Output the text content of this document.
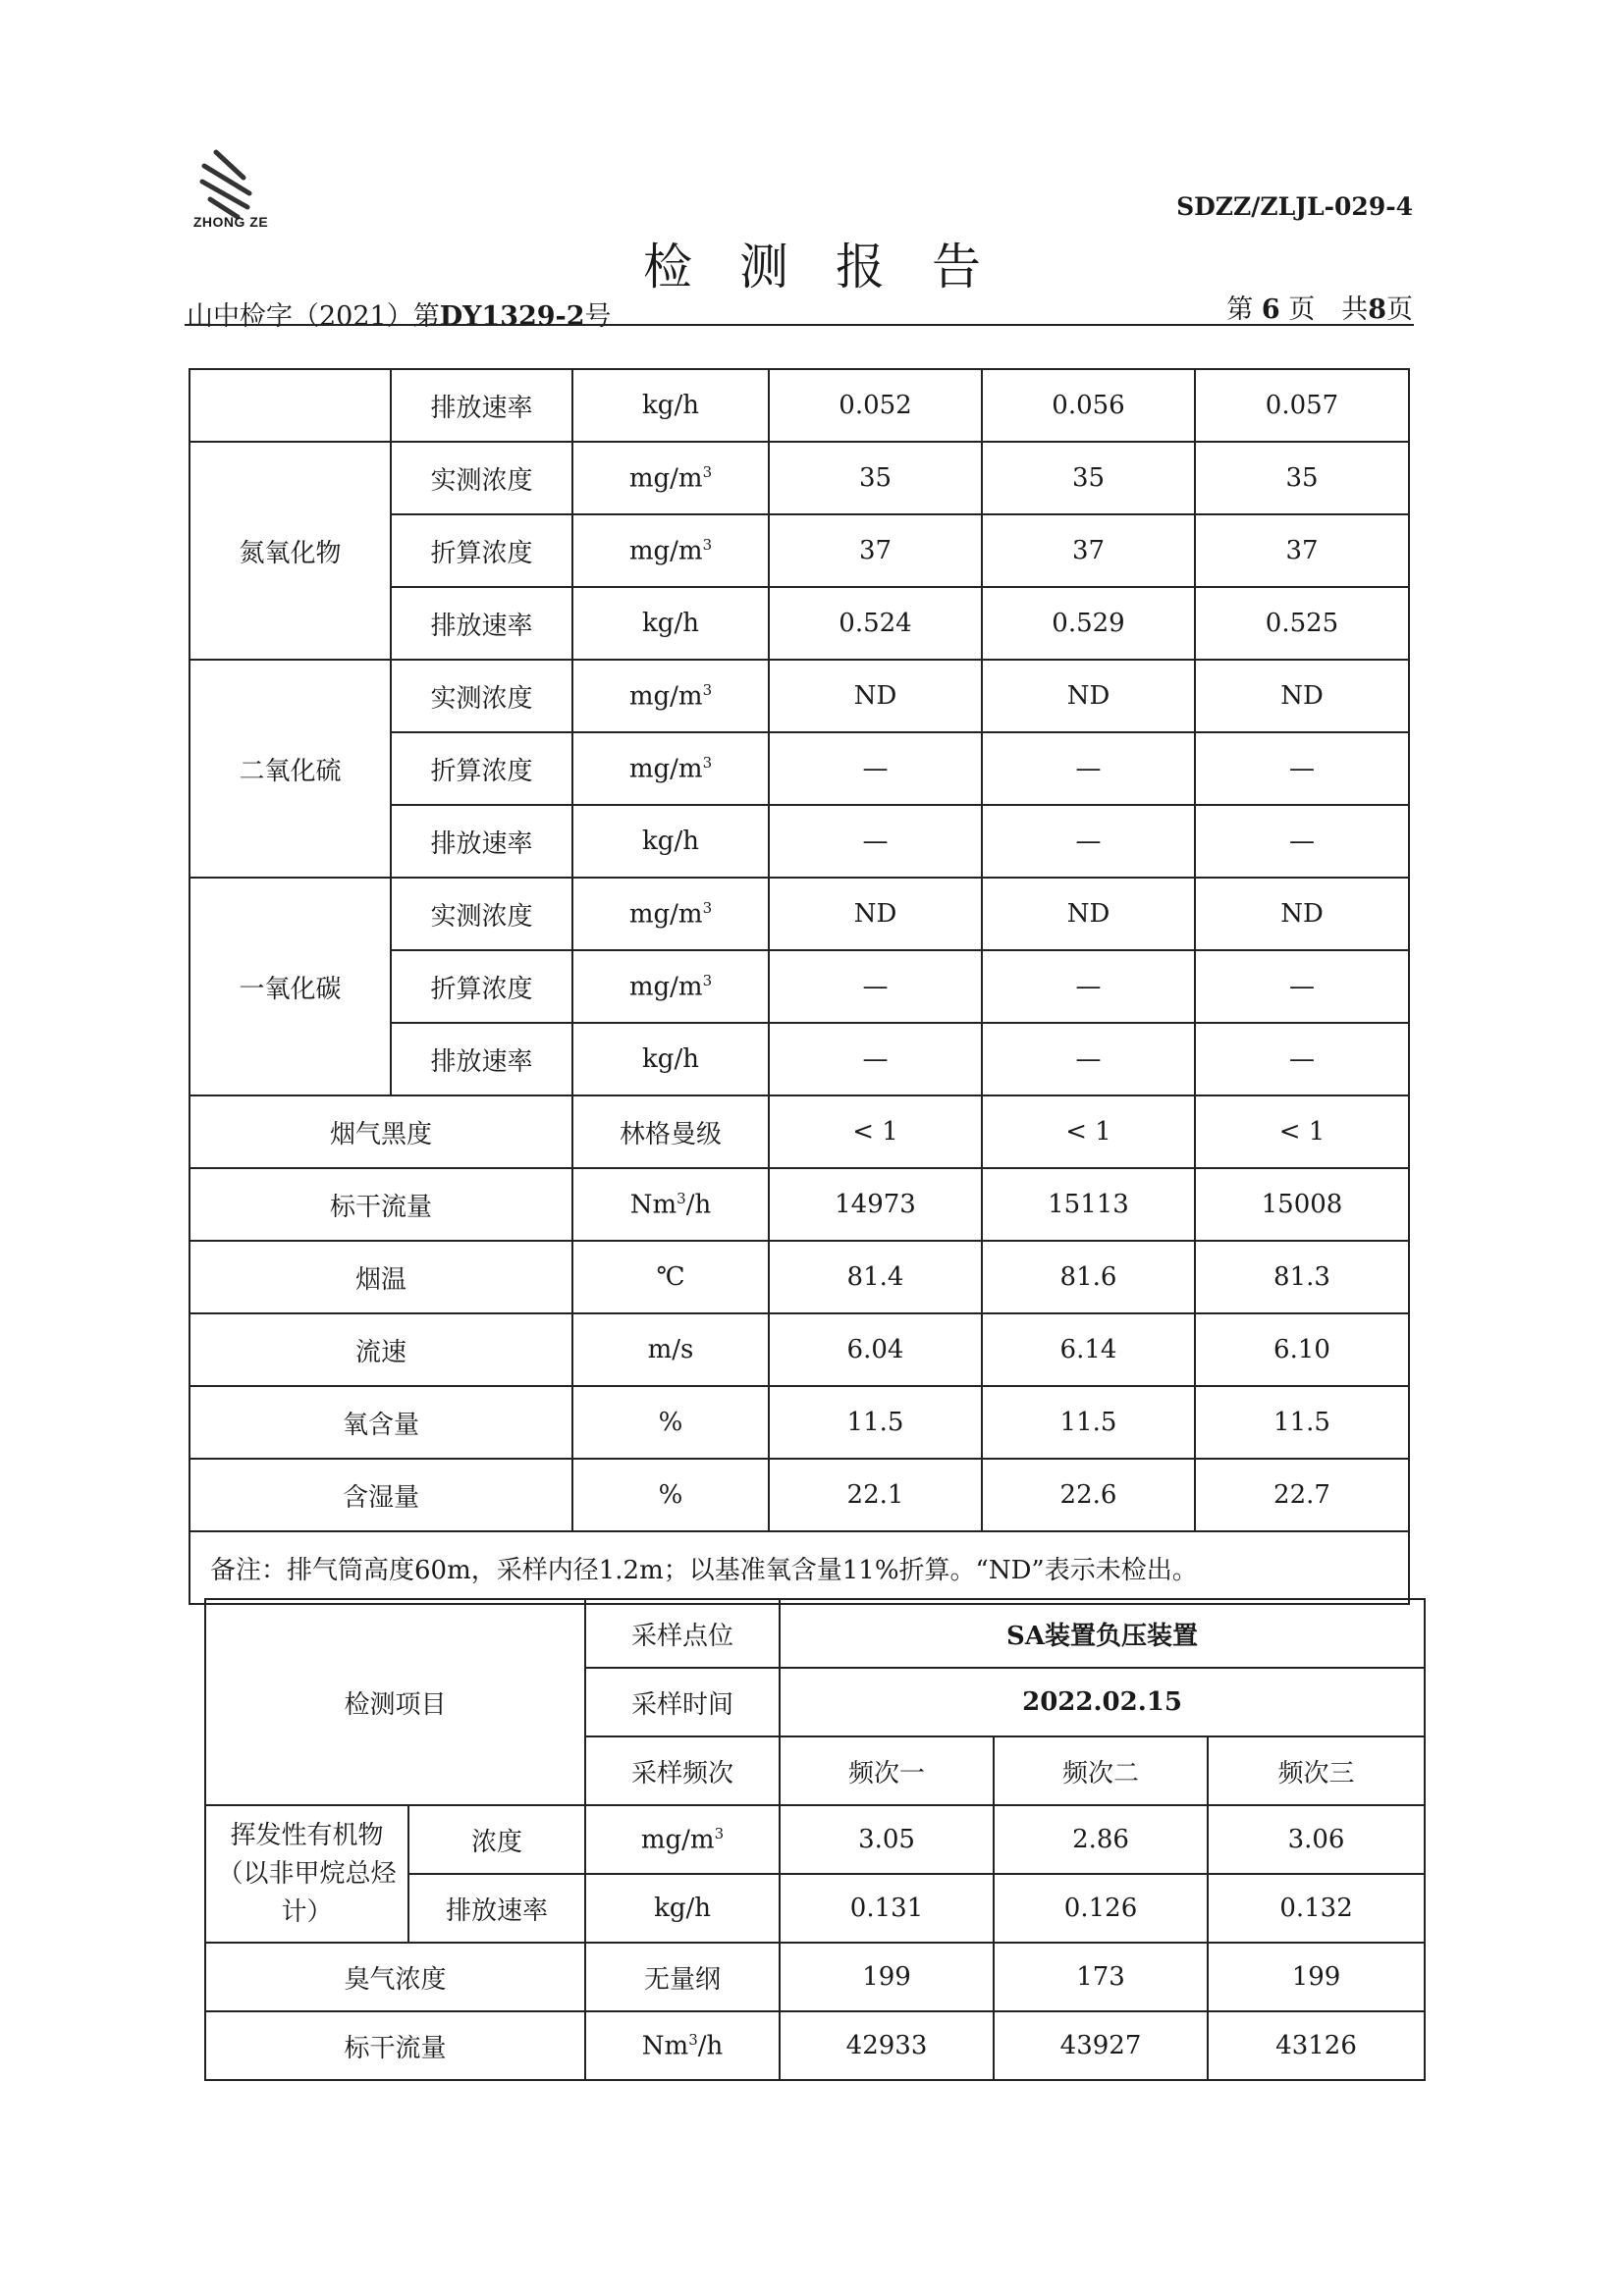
ZHONG ZE
SDZZ/ZLJL-029-4
检测报告
山中检字（2021）第DY1329-2号	第 6 页　共8页
	排放速率	kg/h	0.052	0.056	0.057
氮氧化物	实测浓度	$mg/m^3$	35	35	35
	折算浓度	$mg/m^3$	37	37	37
	排放速率	kg/h	0.524	0.529	0.525
二氧化硫	实测浓度	$mg/m^3$	ND	ND	ND
	折算浓度	$mg/m^3$	—	—	—
	排放速率	kg/h	—	—	—
一氧化碳	实测浓度	$mg/m^3$	ND	ND	ND
	折算浓度	$mg/m^3$	—	—	—
	排放速率	kg/h	—	—	—
烟气黑度		林格曼级	< 1	< 1	< 1
标干流量		Nm$^3$/h	14973	15113	15008
烟温		℃	81.4	81.6	81.3
流速		m/s	6.04	6.14	6.10
氧含量		%	11.5	11.5	11.5
含湿量		%	22.1	22.6	22.7
备注：排气筒高度60m，采样内径1.2m；以基准氧含量11%折算。“ND”表示未检出。					
检测项目		采样点位	SA装置负压装置		
		采样时间	2022.02.15		
		采样频次	频次一	频次二	频次三
挥发性有机物（以非甲烷总烃计）	浓度	$mg/m^3$	3.05	2.86	3.06
	排放速率	kg/h	0.131	0.126	0.132
臭气浓度		无量纲	199	173	199
标干流量		Nm$^3$/h	42933	43927	43126
